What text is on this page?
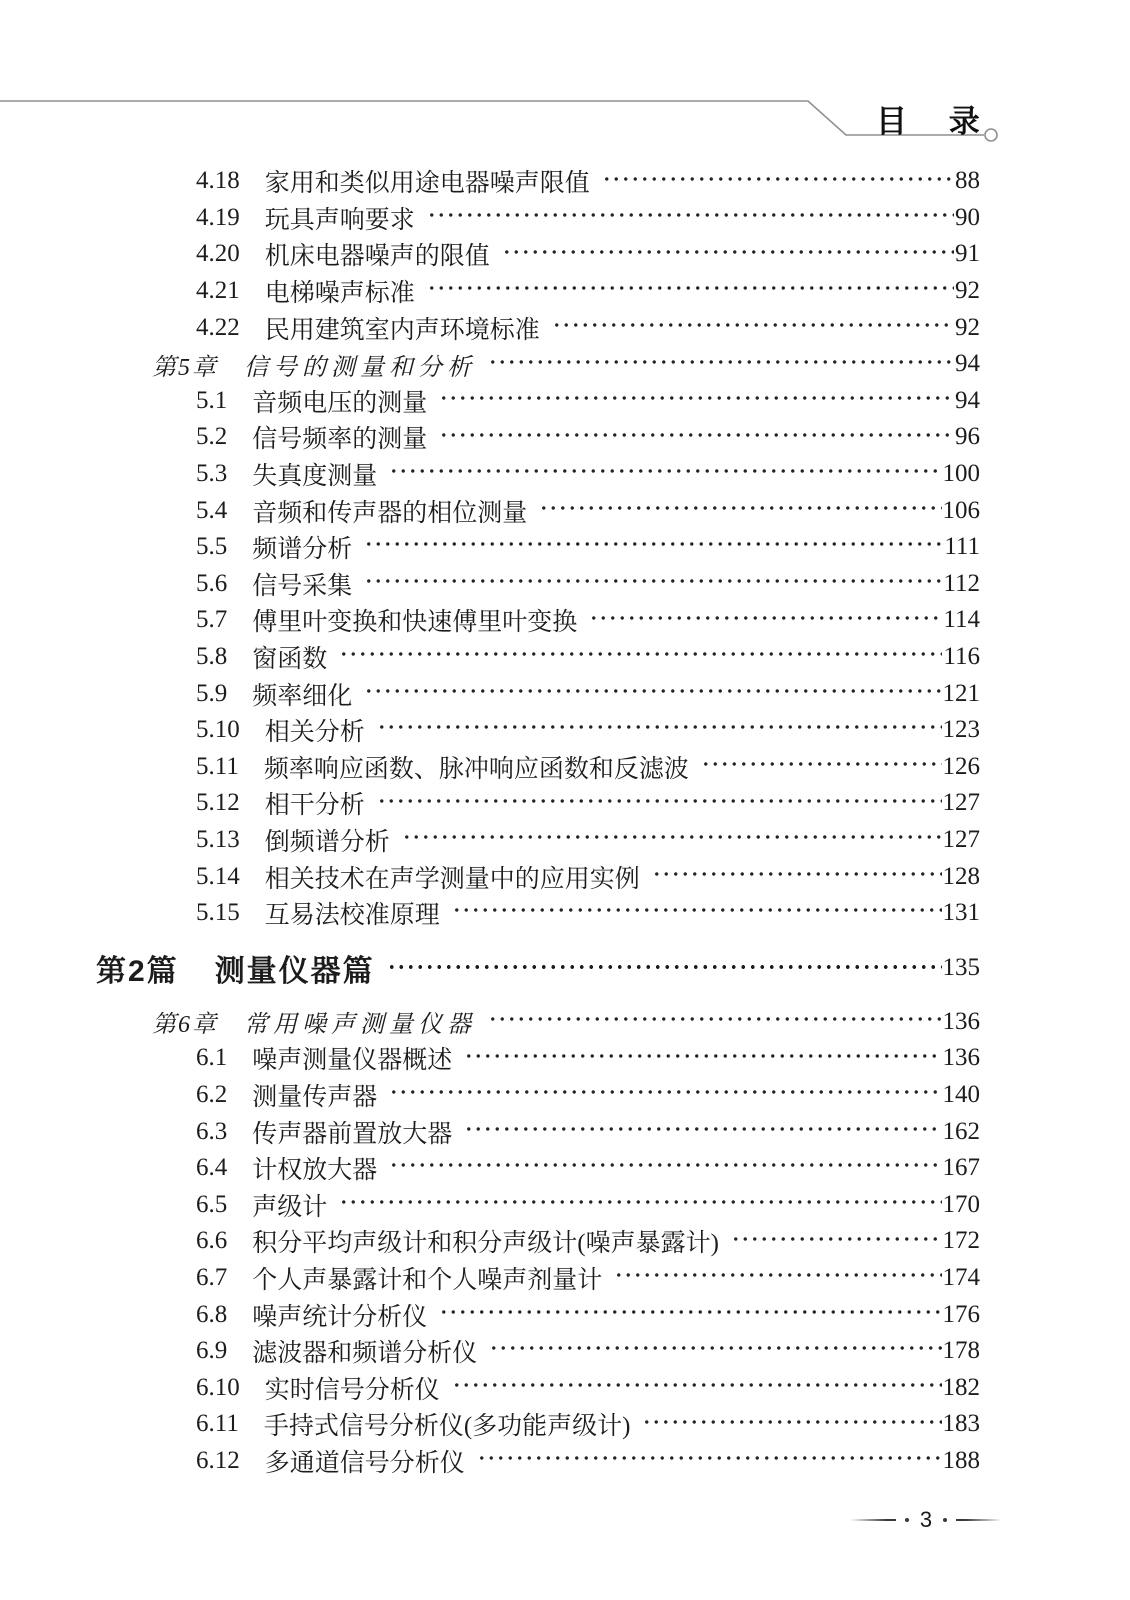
目 录
4.18 家用和类似用途电器噪声限值	88
4.19 玩具声响要求	90
4.20 机床电器噪声的限值	91
4.21 电梯噪声标准	92
4.22 民用建筑室内声环境标准	92
第5章 信号的测量和分析	94
5.1 音频电压的测量	94
5.2 信号频率的测量	96
5.3 失真度测量	100
5.4 音频和传声器的相位测量	106
5.5 频谱分析	111
5.6 信号采集	112
5.7 傅里叶变换和快速傅里叶变换	114
5.8 窗函数	116
5.9 频率细化	121
5.10 相关分析	123
5.11 频率响应函数、脉冲响应函数和反滤波	126
5.12 相干分析	127
5.13 倒频谱分析	127
5.14 相关技术在声学测量中的应用实例	128
5.15 互易法校准原理	131
第2篇 测量仪器篇	135
第6章 常用噪声测量仪器	136
6.1 噪声测量仪器概述	136
6.2 测量传声器	140
6.3 传声器前置放大器	162
6.4 计权放大器	167
6.5 声级计	170
6.6 积分平均声级计和积分声级计(噪声暴露计)	172
6.7 个人声暴露计和个人噪声剂量计	174
6.8 噪声统计分析仪	176
6.9 滤波器和频谱分析仪	178
6.10 实时信号分析仪	182
6.11 手持式信号分析仪(多功能声级计)	183
6.12 多通道信号分析仪	188
3
